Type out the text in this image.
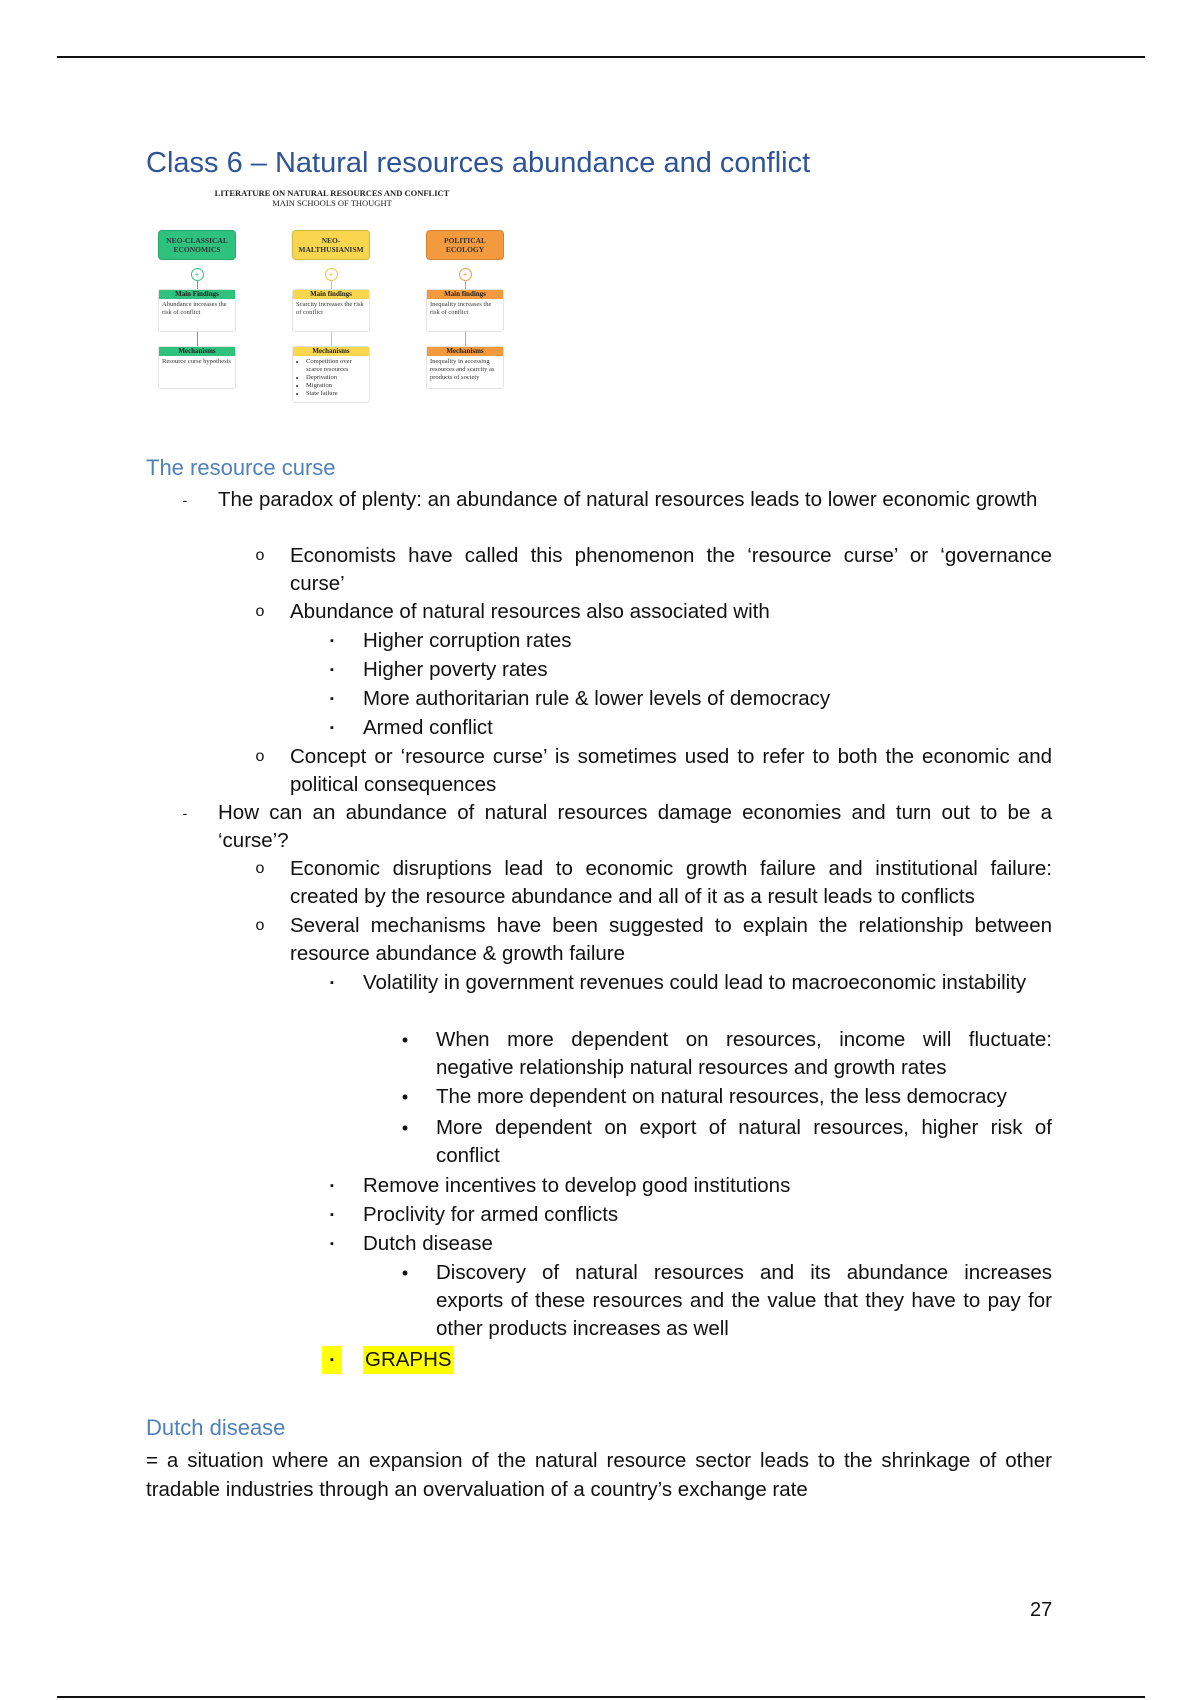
Class 6 – Natural resources abundance and conflict
LITERATURE ON NATURAL RESOURCES AND CONFLICT
MAIN SCHOOLS OF THOUGHT
NEO-CLASSICAL ECONOMICS
+
Main Findings
Abundance increases the risk of conflict
Mechanisms
Resource curse hypothesis
NEO-MALTHUSIANISM
+
Main findings
Scarcity increases the risk of conflict
Mechanisms
• Competition over scarce resources
• Deprivation
• Migration
• State failure
POLITICAL ECOLOGY
+
Main findings
Inequality increases the risk of conflict
Mechanisms
Inequality in accessing resources and scarcity as products of society
The resource curse
-	The paradox of plenty: an abundance of natural resources leads to lower economic growth
o Economists have called this phenomenon the ‘resource curse’ or ‘governance curse’
o Abundance of natural resources also associated with
▪	Higher corruption rates
▪	Higher poverty rates
▪	More authoritarian rule & lower levels of democracy
▪	Armed conflict
o Concept or ‘resource curse’ is sometimes used to refer to both the economic and political consequences
-	How can an abundance of natural resources damage economies and turn out to be a ‘curse’?
o Economic disruptions lead to economic growth failure and institutional failure: created by the resource abundance and all of it as a result leads to conflicts
o Several mechanisms have been suggested to explain the relationship between resource abundance & growth failure
▪	Volatility in government revenues could lead to macroeconomic instability
•	When more dependent on resources, income will fluctuate: negative relationship natural resources and growth rates
•	The more dependent on natural resources, the less democracy
•	More dependent on export of natural resources, higher risk of conflict
▪	Remove incentives to develop good institutions
▪	Proclivity for armed conflicts
▪	Dutch disease
•	Discovery of natural resources and its abundance increases exports of these resources and the value that they have to pay for other products increases as well
▪	GRAPHS
Dutch disease
= a situation where an expansion of the natural resource sector leads to the shrinkage of other tradable industries through an overvaluation of a country’s exchange rate
27
